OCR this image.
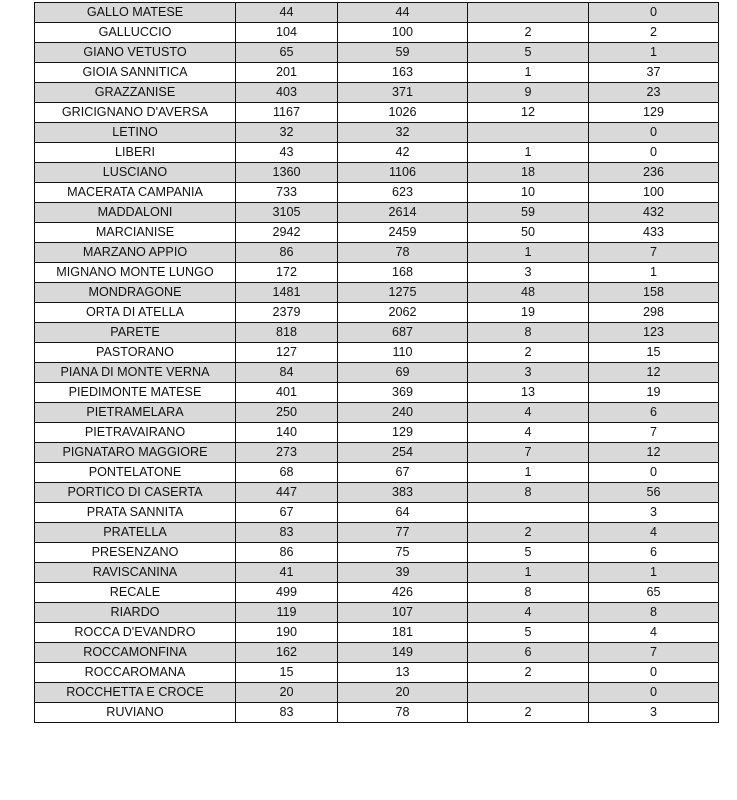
GALLO MATESE	44	44		0
GALLUCCIO	104	100	2	2
GIANO VETUSTO	65	59	5	1
GIOIA SANNITICA	201	163	1	37
GRAZZANISE	403	371	9	23
GRICIGNANO D'AVERSA	1167	1026	12	129
LETINO	32	32		0
LIBERI	43	42	1	0
LUSCIANO	1360	1106	18	236
MACERATA CAMPANIA	733	623	10	100
MADDALONI	3105	2614	59	432
MARCIANISE	2942	2459	50	433
MARZANO APPIO	86	78	1	7
MIGNANO MONTE LUNGO	172	168	3	1
MONDRAGONE	1481	1275	48	158
ORTA DI ATELLA	2379	2062	19	298
PARETE	818	687	8	123
PASTORANO	127	110	2	15
PIANA DI MONTE VERNA	84	69	3	12
PIEDIMONTE MATESE	401	369	13	19
PIETRAMELARA	250	240	4	6
PIETRAVAIRANO	140	129	4	7
PIGNATARO MAGGIORE	273	254	7	12
PONTELATONE	68	67	1	0
PORTICO DI CASERTA	447	383	8	56
PRATA SANNITA	67	64		3
PRATELLA	83	77	2	4
PRESENZANO	86	75	5	6
RAVISCANINA	41	39	1	1
RECALE	499	426	8	65
RIARDO	119	107	4	8
ROCCA D'EVANDRO	190	181	5	4
ROCCAMONFINA	162	149	6	7
ROCCAROMANA	15	13	2	0
ROCCHETTA E CROCE	20	20		0
RUVIANO	83	78	2	3
